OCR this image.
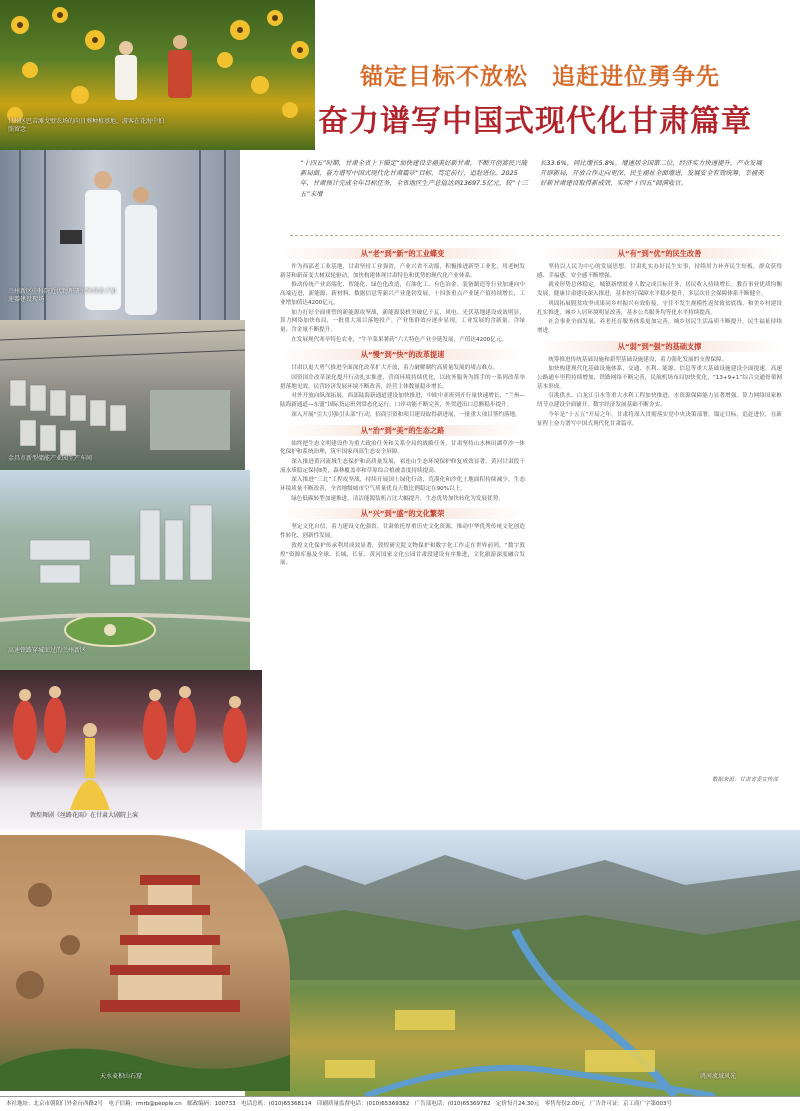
甘州区巴吉滩戈壁农场的向日葵种植基地，游客在花海中拍照留念
兰州新区中科院近代物理研究所重离子加速器建设现场
金昌市新型储能产业园生产车间
高速铁路穿城而过的兰州新区
敦煌舞剧《丝路花雨》在甘肃大剧院上演
天水麦积山石窟	洮河流域风光
锚定目标不放松　追赶进位勇争先
奋力谱写中国式现代化甘肃篇章
“十四五”时期，甘肃全省上下锚定“加快建设幸福美好新甘肃，不断开创富民兴陇新局面，奋力谱写中国式现代化甘肃篇章”目标，笃定前行，追赶进位。2025年，甘肃预计完成全年目标任务，全省地区生产总值达到13697.5亿元，较“十三五”末增
长33.6%，同比增长5.8%，增速居全国第二位，经济实力快速提升，产业发展开辟新局，开放合作走向更深，民生福祉全面增进，发展安全有效统筹，幸福美好新甘肃建设取得新成效，实现“十四五”圆满收官。
从“老”到“新”的工业蝶变

作为西部老工业基地，甘肃坚持工业强省，产业兴省不动摇，积极推进新型工业化，用老树发新芽和新苗变大树双轮驱动，加快构建体现甘肃特色和优势的现代化产业体系。

推动传统产业高端化、智能化、绿色化改造，石油化工、有色冶金、装备制造等行业加速向中高端迈进，新能源、新材料、数据信息等新兴产业蓬勃发展，十四条重点产业链产值持续增长，工业增加值达4200亿元。

加力打好全面重塑的新能源攻坚战，新能源装机突破亿千瓦，风电、光伏基地建设成效明显，算力网络加快布局，一批重大项目落地投产，产业集群效应逐步显现，工业发展的含新量、含绿量、含金量不断提升。

在发展现代寒旱特色农业，“牛羊菜果薯药”六大特色产业全链发展，产值达4200亿元。

从“慢”到“快”的改革提速

甘肃以更大勇气推进全面深化改革扩大开放，着力破解制约高质量发展的堵点难点。

国资国企改革深化提升行动扎实推进，营商环境持续优化，以政务服务为抓手的一系列改革举措落地见效，民营经济发展环境不断改善，经营主体数量稳步增长。

对外开放向纵深拓展，西部陆海新通道建设加快推进，中欧中亚班列开行量快速增长，“兰州—陆海新通道—东盟”国际货运班列常态化运行，口岸功能不断完善，外贸进出口总额稳步提升。

深入开展“引大引强引头部”行动，招商引资和项目建设取得新进展，一批重大项目签约落地。

从“治”到“美”的生态之路

始终把生态文明建设作为重大政治任务和关系全局的战略任务，甘肃坚持山水林田湖草沙一体化保护和系统治理，筑牢国家西部生态安全屏障。

深入推进黄河流域生态保护和高质量发展，祁连山生态环境保护修复成效显著，黄河甘肃段干流水质稳定保持Ⅱ类，森林覆盖率和草原综合植被盖度持续提高。

深入推进“三北”工程攻坚战，持续开展国土绿化行动，荒漠化和沙化土地面积持续减少，生态环境质量不断改善，全省地级城市空气质量优良天数比例稳定在90%以上。

绿色低碳转型加速推进，清洁能源装机占比大幅提升，生态优势加快转化为发展优势。

从“兴”到“盛”的文化繁荣

坚定文化自信，着力建设文化强省，甘肃依托厚重历史文化资源，推动中华优秀传统文化创造性转化、创新性发展。

敦煌文化保护传承利用成效显著，敦煌研究院文物保护和数字化工作走在世界前列，“数字敦煌”资源库惠及全球。长城、长征、黄河国家文化公园甘肃段建设有序推进，文化旅游深度融合发展。

从“有”到“优”的民生改善

坚持以人民为中心的发展思想，甘肃扎实办好民生实事，持续用力补齐民生短板，群众获得感、幸福感、安全感不断增强。

就业形势总体稳定，城镇新增就业人数完成目标任务，居民收入持续增长。教育事业优质均衡发展，健康甘肃建设深入推进，基本医疗保障水平稳步提升，多层次社会保障体系不断健全。

巩固拓展脱贫攻坚成果同乡村振兴有效衔接，守住不发生规模性返贫致贫底线，和美乡村建设扎实推进，城乡人居环境明显改善，基本公共服务均等化水平持续提高。

社会事业全面发展，养老托育服务体系更加完善，城乡居民生活品质不断提升，民生福祉持续增进。

从“弱”到“强”的基础支撑

统筹推进传统基础设施和新型基础设施建设，着力强化发展的支撑保障。

加快构建现代化基础设施体系，交通、水利、能源、信息等重大基础设施建设全面提速，高速公路通车里程持续增加，铁路网络不断完善，民航机场布局加快优化，“13+9+1”综合交通骨架网基本形成。

引洮供水、白龙江引水等重大水利工程加快推进，水资源保障能力显著增强。算力网络国家枢纽节点建设全面铺开，数字经济发展基础不断夯实。

今年是“十五五”开局之年。甘肃将深入贯彻落实党中央决策部署，锚定目标，追赶进位，在新征程上奋力谱写中国式现代化甘肃篇章。

数据来源：甘肃省委宣传部
本社地址：北京市朝阳门外金台西路2号　电子信箱：rmrb@people.cn　邮政编码：100733　电话总机：(010)65368114　印刷质量监督电话：(010)65369382　广告部电话：(010)65369782　定价每月24.30元　零售每份2.00元　广告许可证：京工商广字第003号
